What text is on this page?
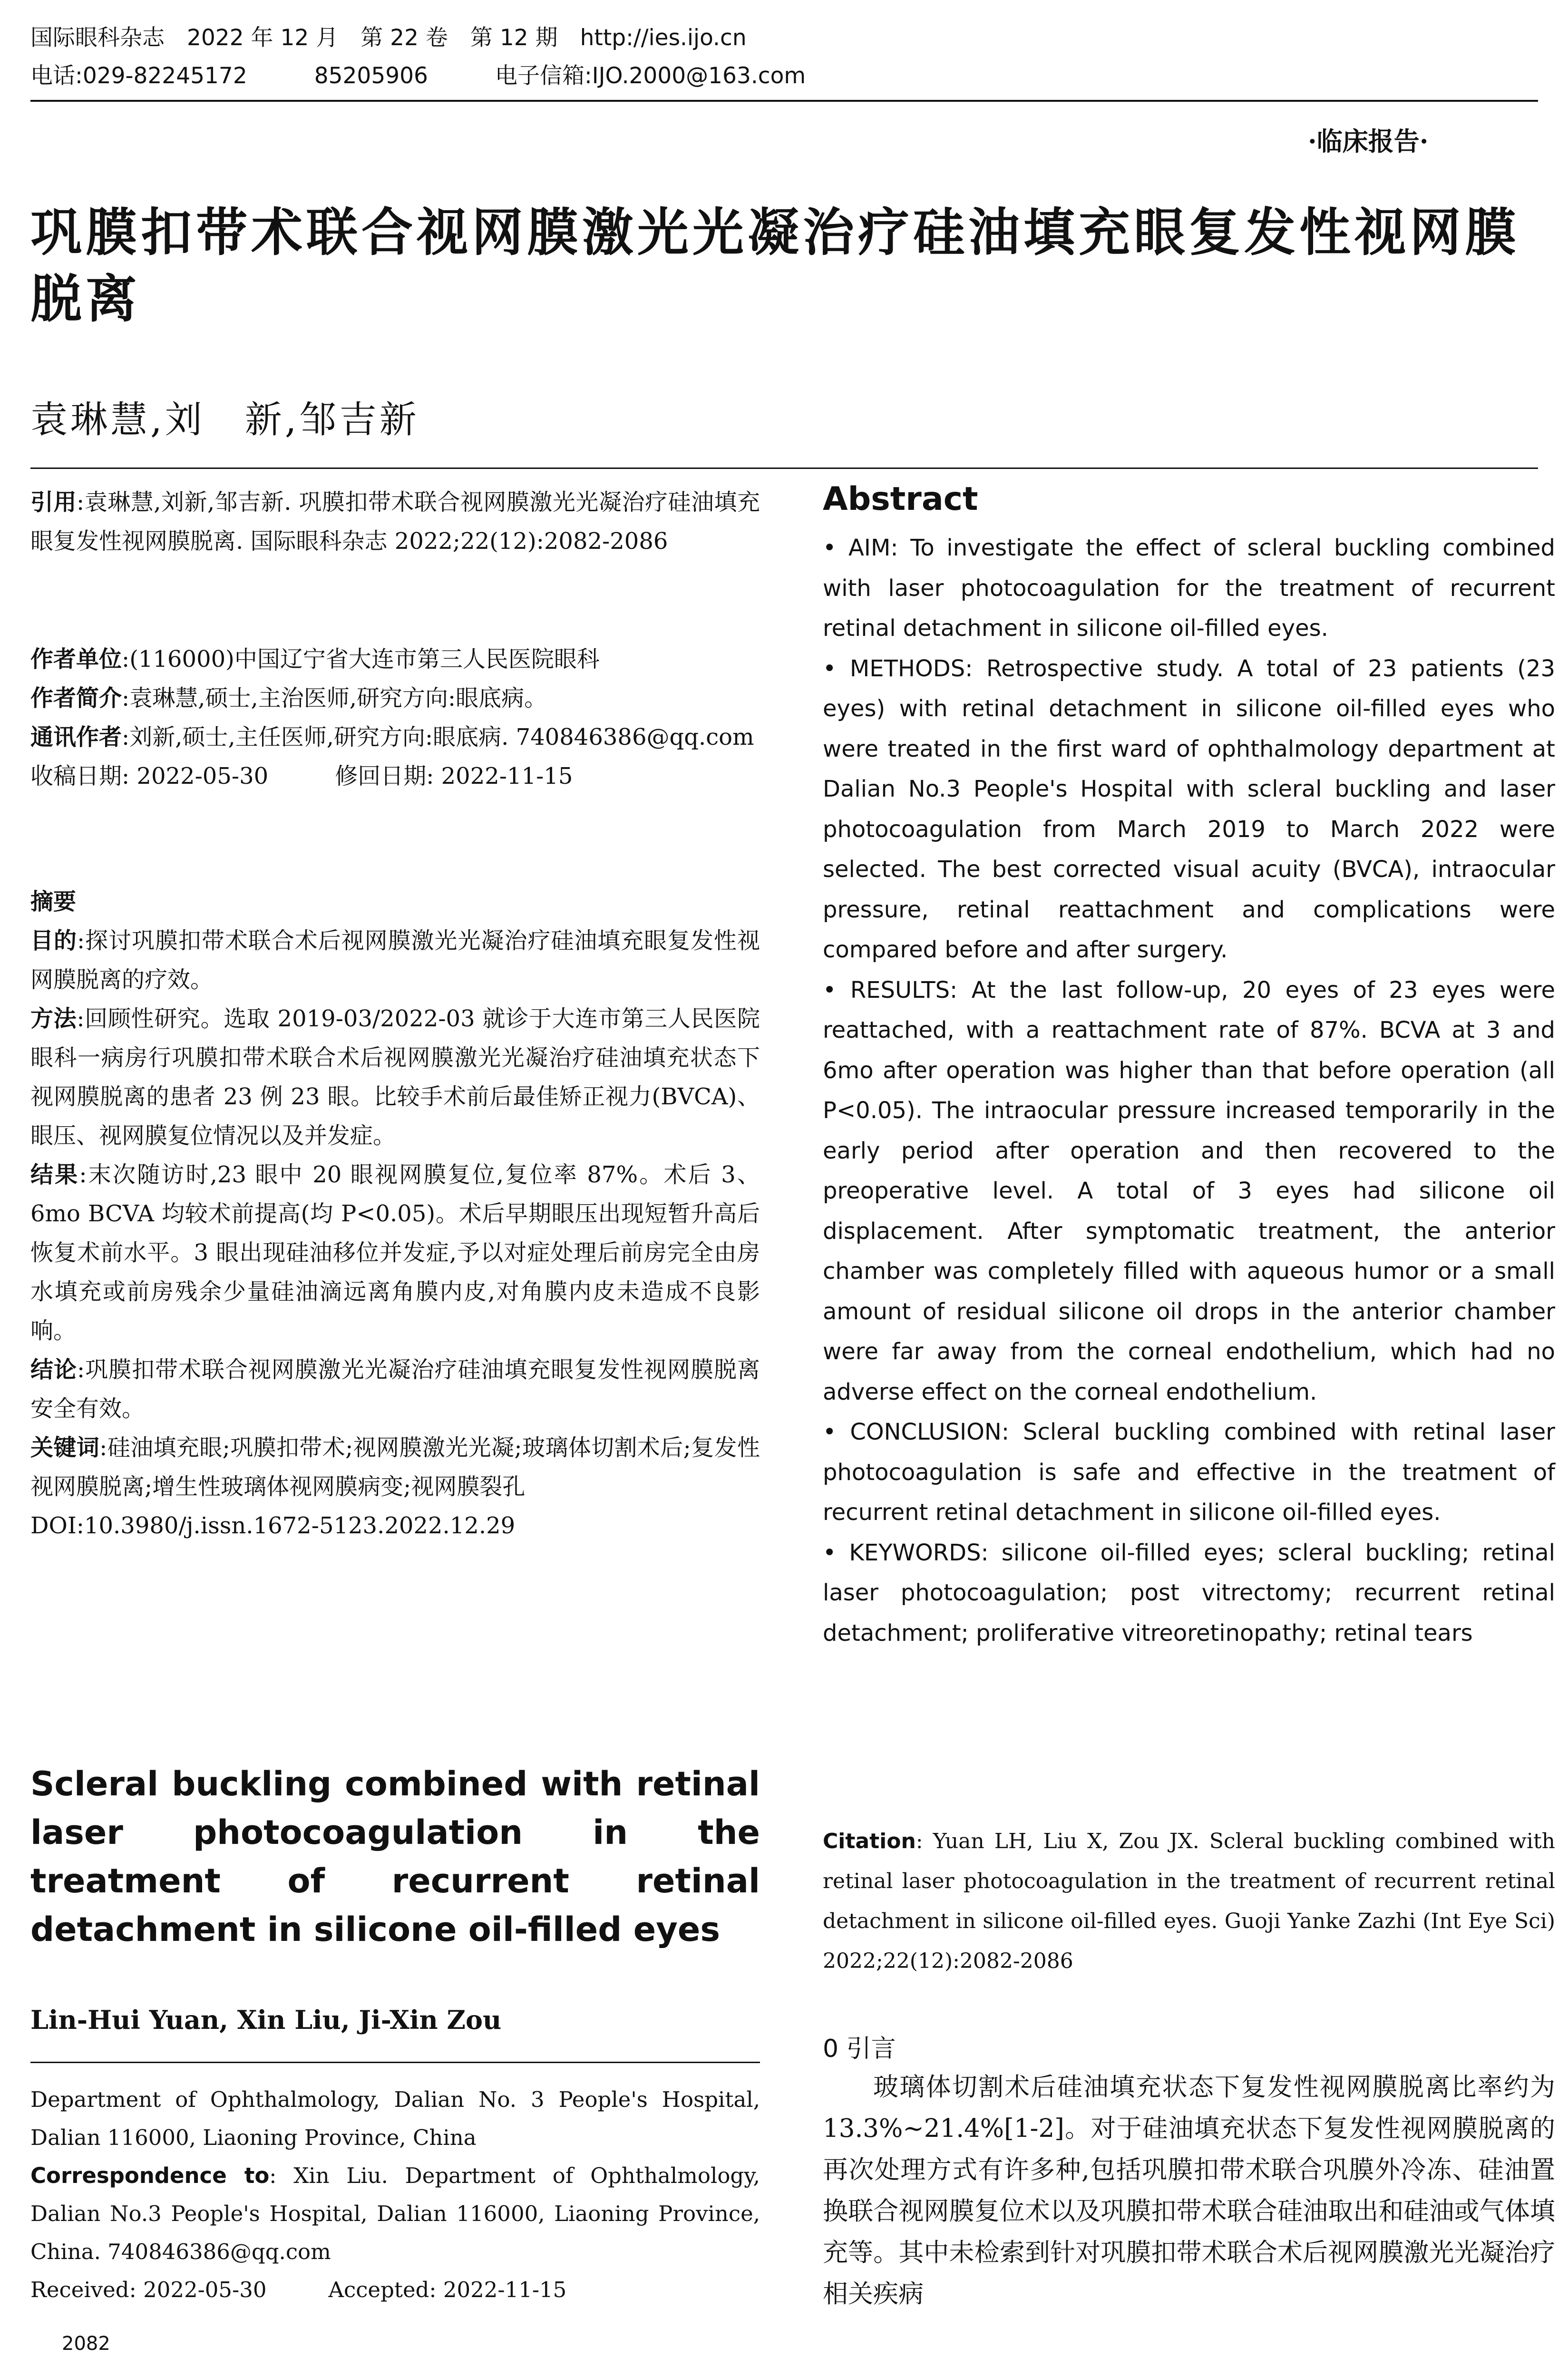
国际眼科杂志　2022 年 12 月　第 22 卷　第 12 期　http://ies.ijo.cn
电话:029-82245172　　　85205906　　　电子信箱:IJO.2000@163.com
·临床报告·
巩膜扣带术联合视网膜激光光凝治疗硅油填充眼复发性视网膜脱离
袁琳慧,刘　新,邹吉新

引用:袁琳慧,刘新,邹吉新. 巩膜扣带术联合视网膜激光光凝治疗硅油填充眼复发性视网膜脱离. 国际眼科杂志 2022;22(12):2082-2086

作者单位:(116000)中国辽宁省大连市第三人民医院眼科

作者简介:袁琳慧,硕士,主治医师,研究方向:眼底病。

通讯作者:刘新,硕士,主任医师,研究方向:眼底病. 740846386@qq.com

收稿日期: 2022-05-30	修回日期: 2022-11-15

摘要

目的:探讨巩膜扣带术联合术后视网膜激光光凝治疗硅油填充眼复发性视网膜脱离的疗效。

方法:回顾性研究。选取 2019-03/2022-03 就诊于大连市第三人民医院眼科一病房行巩膜扣带术联合术后视网膜激光光凝治疗硅油填充状态下视网膜脱离的患者 23 例 23 眼。比较手术前后最佳矫正视力(BVCA)、眼压、视网膜复位情况以及并发症。

结果:末次随访时,23 眼中 20 眼视网膜复位,复位率 87%。术后 3、6mo BCVA 均较术前提高(均 P<0.05)。术后早期眼压出现短暂升高后恢复术前水平。3 眼出现硅油移位并发症,予以对症处理后前房完全由房水填充或前房残余少量硅油滴远离角膜内皮,对角膜内皮未造成不良影响。

结论:巩膜扣带术联合视网膜激光光凝治疗硅油填充眼复发性视网膜脱离安全有效。

关键词:硅油填充眼;巩膜扣带术;视网膜激光光凝;玻璃体切割术后;复发性视网膜脱离;增生性玻璃体视网膜病变;视网膜裂孔

DOI:10.3980/j.issn.1672-5123.2022.12.29

Scleral buckling combined with retinal laser photocoagulation in the treatment of recurrent retinal detachment in silicone oil-filled eyes
Lin-Hui Yuan, Xin Liu, Ji-Xin Zou

Department of Ophthalmology, Dalian No. 3 People's Hospital, Dalian 116000, Liaoning Province, China

Correspondence to: Xin Liu. Department of Ophthalmology, Dalian No.3 People's Hospital, Dalian 116000, Liaoning Province, China. 740846386@qq.com

Received: 2022-05-30	Accepted: 2022-11-15

2082
Abstract

• AIM: To investigate the effect of scleral buckling combined with laser photocoagulation for the treatment of recurrent retinal detachment in silicone oil-filled eyes.

• METHODS: Retrospective study. A total of 23 patients (23 eyes) with retinal detachment in silicone oil-filled eyes who were treated in the first ward of ophthalmology department at Dalian No.3 People's Hospital with scleral buckling and laser photocoagulation from March 2019 to March 2022 were selected. The best corrected visual acuity (BVCA), intraocular pressure, retinal reattachment and complications were compared before and after surgery.

• RESULTS: At the last follow-up, 20 eyes of 23 eyes were reattached, with a reattachment rate of 87%. BCVA at 3 and 6mo after operation was higher than that before operation (all P<0.05). The intraocular pressure increased temporarily in the early period after operation and then recovered to the preoperative level. A total of 3 eyes had silicone oil displacement. After symptomatic treatment, the anterior chamber was completely filled with aqueous humor or a small amount of residual silicone oil drops in the anterior chamber were far away from the corneal endothelium, which had no adverse effect on the corneal endothelium.

• CONCLUSION: Scleral buckling combined with retinal laser photocoagulation is safe and effective in the treatment of recurrent retinal detachment in silicone oil-filled eyes.

• KEYWORDS: silicone oil-filled eyes; scleral buckling; retinal laser photocoagulation; post vitrectomy; recurrent retinal detachment; proliferative vitreoretinopathy; retinal tears

Citation: Yuan LH, Liu X, Zou JX. Scleral buckling combined with retinal laser photocoagulation in the treatment of recurrent retinal detachment in silicone oil-filled eyes. Guoji Yanke Zazhi (Int Eye Sci) 2022;22(12):2082-2086

0 引言

玻璃体切割术后硅油填充状态下复发性视网膜脱离比率约为 13.3%~21.4%[1-2]。对于硅油填充状态下复发性视网膜脱离的再次处理方式有许多种,包括巩膜扣带术联合巩膜外冷冻、硅油置换联合视网膜复位术以及巩膜扣带术联合硅油取出和硅油或气体填充等。其中未检索到针对巩膜扣带术联合术后视网膜激光光凝治疗相关疾病
